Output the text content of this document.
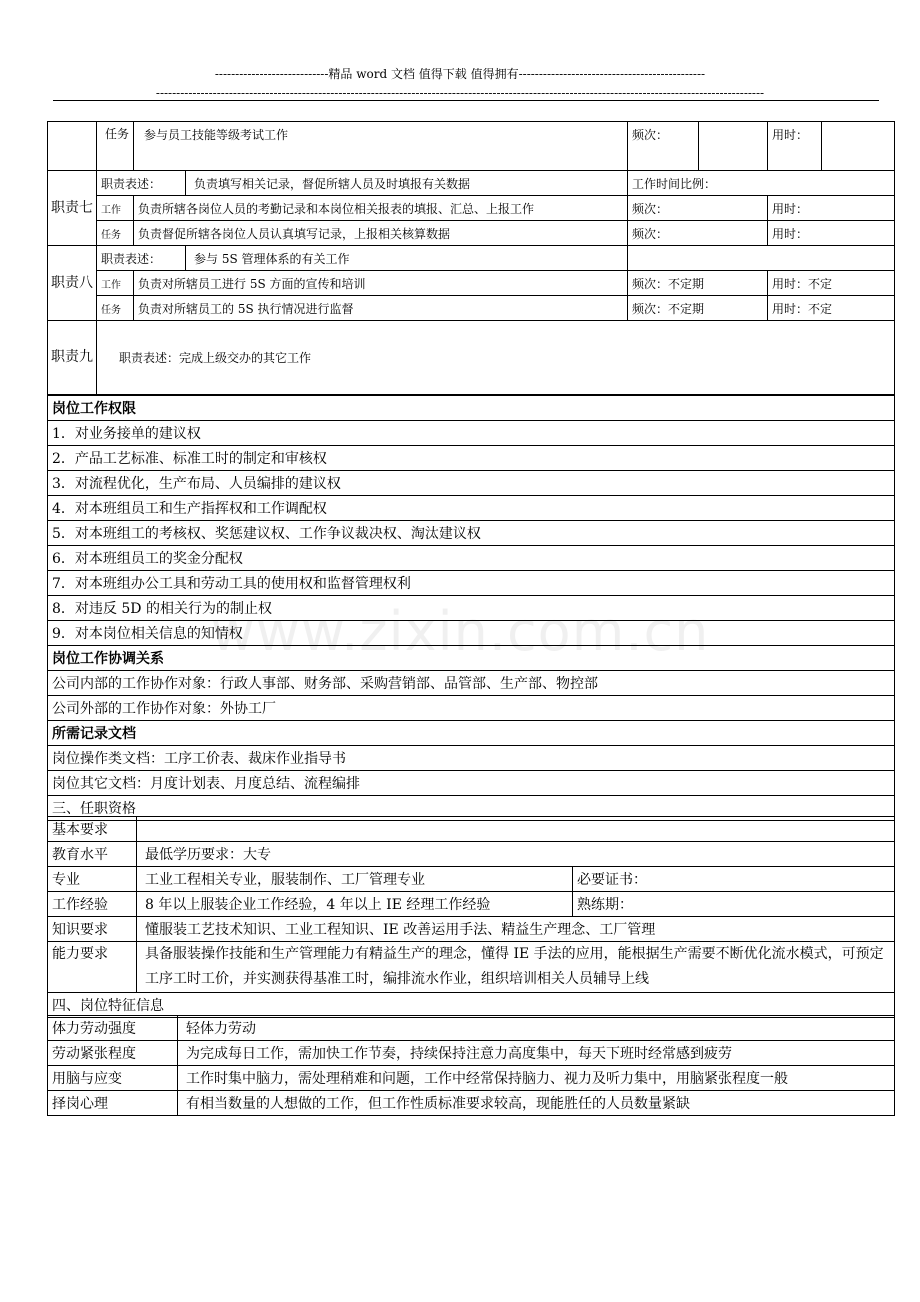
----------------------------精品 word 文档 值得下载 值得拥有----------------------------------------------
------------------------------------------------------------------------------------------------------------------------------------------------------
www.zixin.com.cn
	任务	参与员工技能等级考试工作		频次：		用时：	
职责七	职责表述：		负责填写相关记录，督促所辖人员及时填报有关数据	工作时间比例：			
	工作	负责所辖各岗位人员的考勤记录和本岗位相关报表的填报、汇总、上报工作		频次：		用时：	
	任务	负责督促所辖各岗位人员认真填写记录，上报相关核算数据		频次：		用时：	
职责八	职责表述：		参与 5S 管理体系的有关工作				
	工作	负责对所辖员工进行 5S 方面的宣传和培训		频次：不定期		用时：不定	
	任务	负责对所辖员工的 5S 执行情况进行监督		频次：不定期		用时：不定	
职责九	职责表述：完成上级交办的其它工作						
岗位工作权限
1．对业务接单的建议权
2．产品工艺标准、标准工时的制定和审核权
3．对流程优化，生产布局、人员编排的建议权
4．对本班组员工和生产指挥权和工作调配权
5．对本班组工的考核权、奖惩建议权、工作争议裁决权、淘汰建议权
6．对本班组员工的奖金分配权
7．对本班组办公工具和劳动工具的使用权和监督管理权利
8．对违反 5D 的相关行为的制止权
9．对本岗位相关信息的知情权
岗位工作协调关系
公司内部的工作协作对象：行政人事部、财务部、采购营销部、品管部、生产部、物控部
公司外部的工作协作对象：外协工厂
所需记录文档
岗位操作类文档：工序工价表、裁床作业指导书
岗位其它文档：月度计划表、月度总结、流程编排
三、任职资格
基本要求		
教育水平	最低学历要求：大专	
专业	工业工程相关专业，服装制作、工厂管理专业	必要证书：
工作经验	8 年以上服装企业工作经验，4 年以上 IE 经理工作经验	熟练期：
知识要求	懂服装工艺技术知识、工业工程知识、IE 改善运用手法、精益生产理念、工厂管理	
能力要求	具备服装操作技能和生产管理能力有精益生产的理念，懂得 IE 手法的应用，能根据生产需要不断优化流水模式，可预定工序工时工价，并实测获得基准工时，编排流水作业，组织培训相关人员辅导上线	
四、岗位特征信息		
体力劳动强度	轻体力劳动
劳动紧张程度	为完成每日工作，需加快工作节奏，持续保持注意力高度集中，每天下班时经常感到疲劳
用脑与应变	工作时集中脑力，需处理稍难和问题，工作中经常保持脑力、视力及听力集中，用脑紧张程度一般
择岗心理	有相当数量的人想做的工作，但工作性质标准要求较高，现能胜任的人员数量紧缺
